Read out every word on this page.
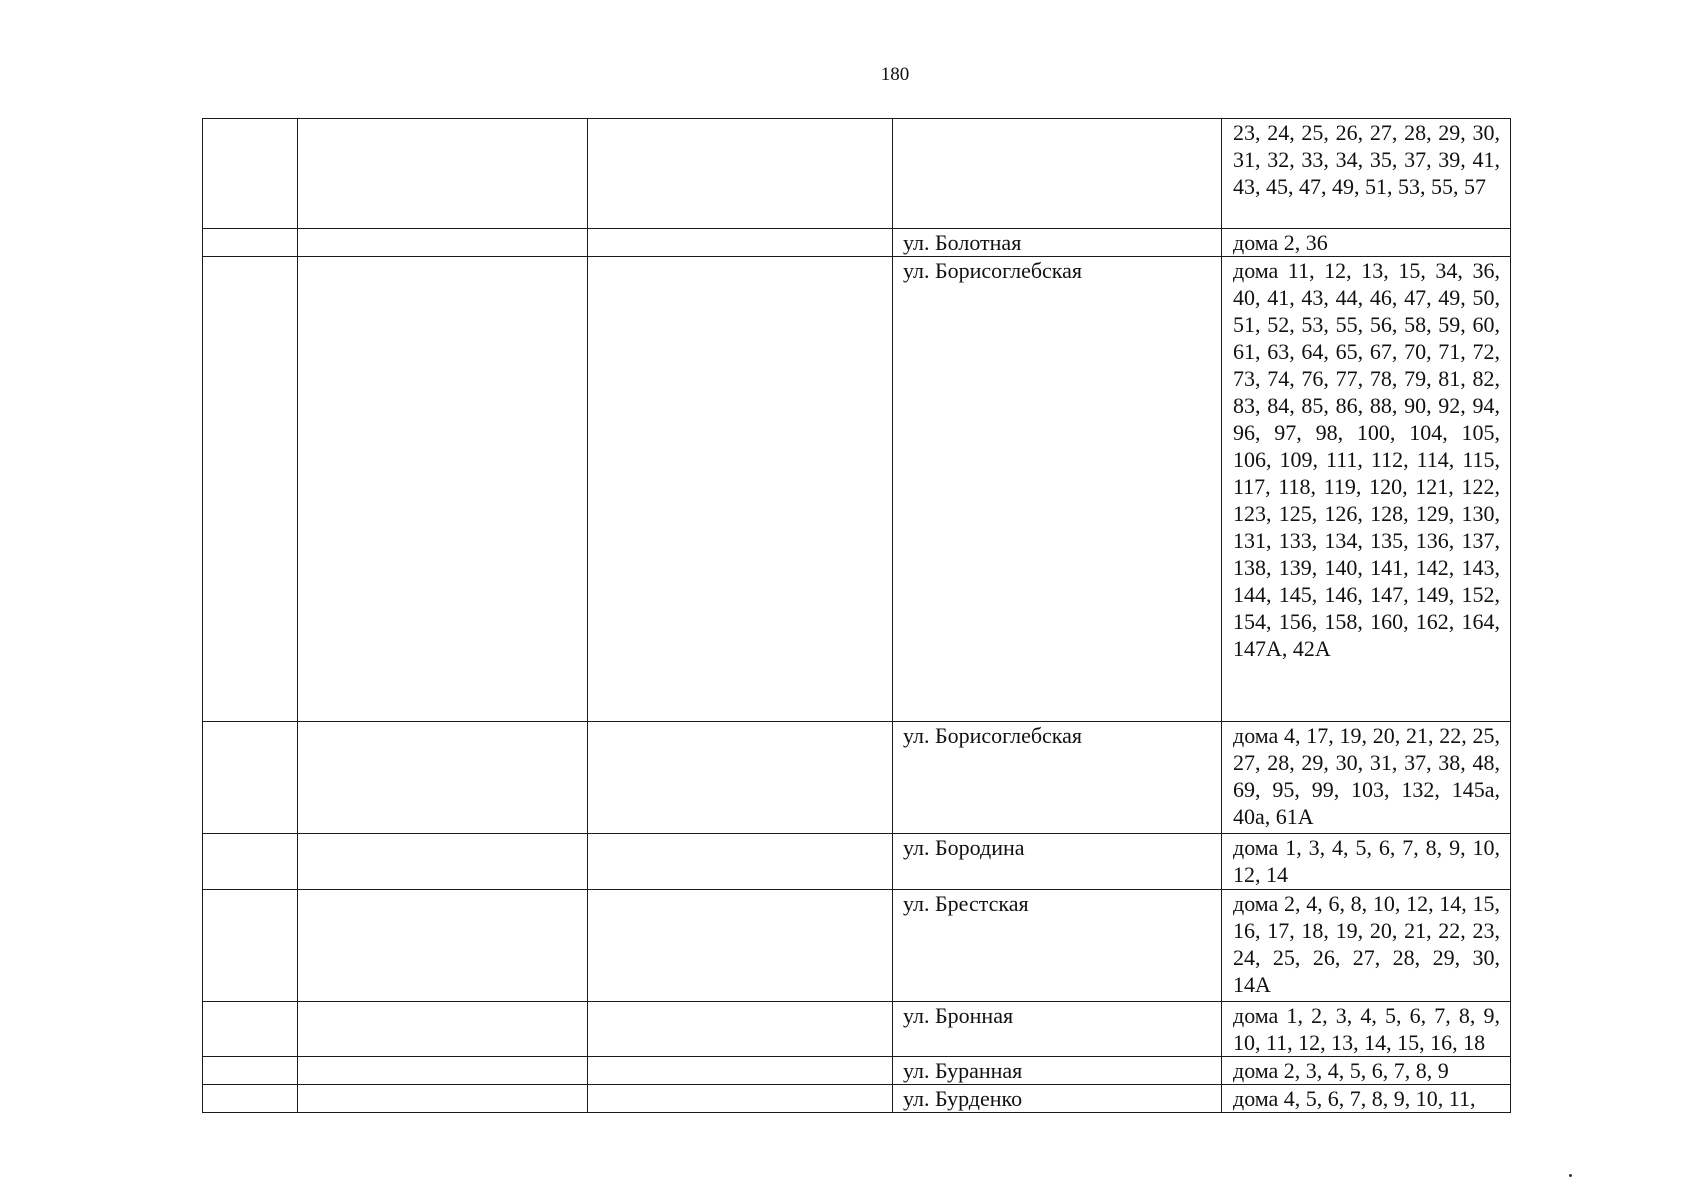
180
				23, 24, 25, 26, 27, 28, 29, 30, 31, 32, 33, 34, 35, 37, 39, 41, 43, 45, 47, 49, 51, 53, 55, 57
			ул. Болотная	дома 2, 36
			ул. Борисоглебская	дома 11, 12, 13, 15, 34, 36, 40, 41, 43, 44, 46, 47, 49, 50, 51, 52, 53, 55, 56, 58, 59, 60, 61, 63, 64, 65, 67, 70, 71, 72, 73, 74, 76, 77, 78, 79, 81, 82, 83, 84, 85, 86, 88, 90, 92, 94, 96, 97, 98, 100, 104, 105, 106, 109, 111, 112, 114, 115, 117, 118, 119, 120, 121, 122, 123, 125, 126, 128, 129, 130, 131, 133, 134, 135, 136, 137, 138, 139, 140, 141, 142, 143, 144, 145, 146, 147, 149, 152, 154, 156, 158, 160, 162, 164, 147А, 42А
			ул. Борисоглебская	дома 4, 17, 19, 20, 21, 22, 25, 27, 28, 29, 30, 31, 37, 38, 48, 69, 95, 99, 103, 132, 145а, 40а, 61А
			ул. Бородина	дома 1, 3, 4, 5, 6, 7, 8, 9, 10, 12, 14
			ул. Брестская	дома 2, 4, 6, 8, 10, 12, 14, 15, 16, 17, 18, 19, 20, 21, 22, 23, 24, 25, 26, 27, 28, 29, 30, 14А
			ул. Бронная	дома 1, 2, 3, 4, 5, 6, 7, 8, 9, 10, 11, 12, 13, 14, 15, 16, 18
			ул. Буранная	дома 2, 3, 4, 5, 6, 7, 8, 9
			ул. Бурденко	дома 4, 5, 6, 7, 8, 9, 10, 11,
